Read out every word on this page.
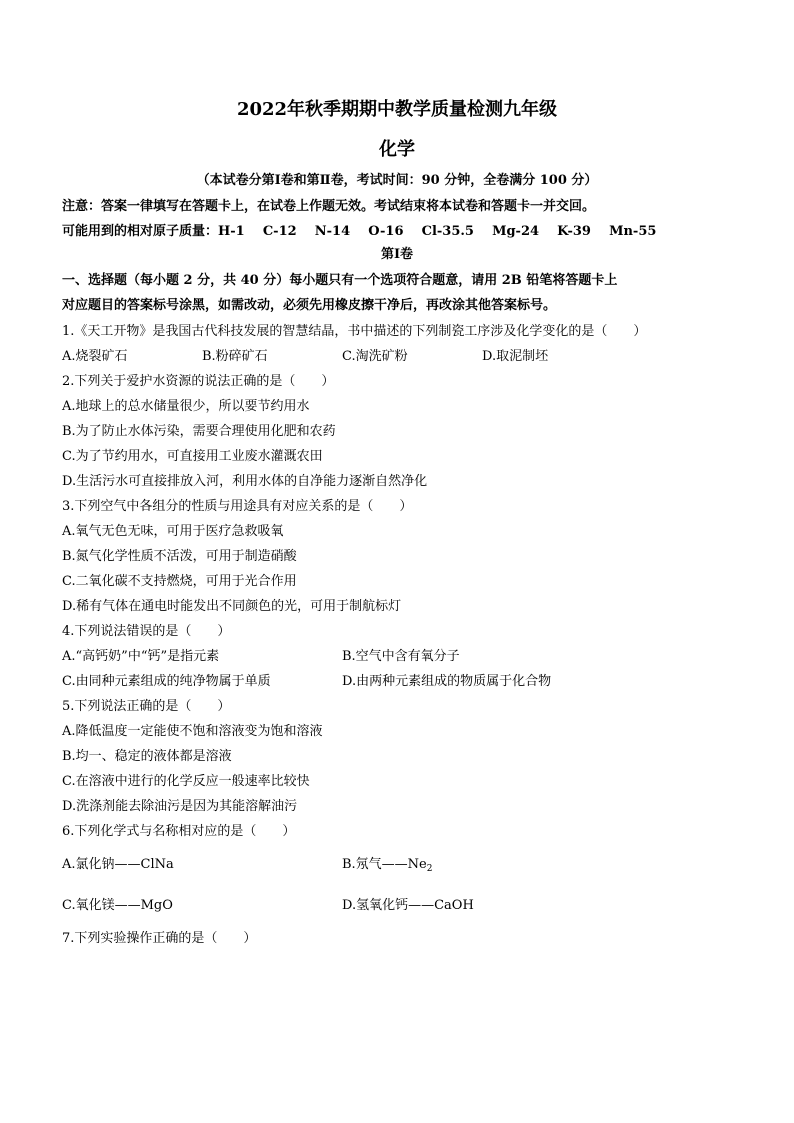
2022年秋季期期中教学质量检测九年级
化学
（本试卷分第Ⅰ卷和第Ⅱ卷，考试时间：90 分钟，全卷满分 100 分）
注意：答案一律填写在答题卡上，在试卷上作题无效。考试结束将本试卷和答题卡一并交回。
可能用到的相对原子质量：H-1    C-12    N-14    O-16    Cl-35.5    Mg-24    K-39    Mn-55
第Ⅰ卷
一、选择题（每小题 2 分，共 40 分）每小题只有一个选项符合题意，请用 2B 铅笔将答题卡上
对应题目的答案标号涂黑，如需改动，必须先用橡皮擦干净后，再改涂其他答案标号。
1.《天工开物》是我国古代科技发展的智慧结晶，书中描述的下列制瓷工序涉及化学变化的是（　　）
A.烧裂矿石	B.粉碎矿石	C.淘洗矿粉	D.取泥制坯
2.下列关于爱护水资源的说法正确的是（　　）
A.地球上的总水储量很少，所以要节约用水
B.为了防止水体污染，需要合理使用化肥和农药
C.为了节约用水，可直接用工业废水灌溉农田
D.生活污水可直接排放入河，利用水体的自净能力逐渐自然净化
3.下列空气中各组分的性质与用途具有对应关系的是（　　）
A.氧气无色无味，可用于医疗急救吸氧
B.氮气化学性质不活泼，可用于制造硝酸
C.二氧化碳不支持燃烧，可用于光合作用
D.稀有气体在通电时能发出不同颜色的光，可用于制航标灯
4.下列说法错误的是（　　）
A.“高钙奶”中“钙”是指元素	B.空气中含有氧分子
C.由同种元素组成的纯净物属于单质	D.由两种元素组成的物质属于化合物
5.下列说法正确的是（　　）
A.降低温度一定能使不饱和溶液变为饱和溶液
B.均一、稳定的液体都是溶液
C.在溶液中进行的化学反应一般速率比较快
D.洗涤剂能去除油污是因为其能溶解油污
6.下列化学式与名称相对应的是（　　）
A.氯化钠——ClNa	B.氖气$——Ne_2$
C.氧化镁——MgO	D.氢氧化钙——CaOH
7.下列实验操作正确的是（　　）
